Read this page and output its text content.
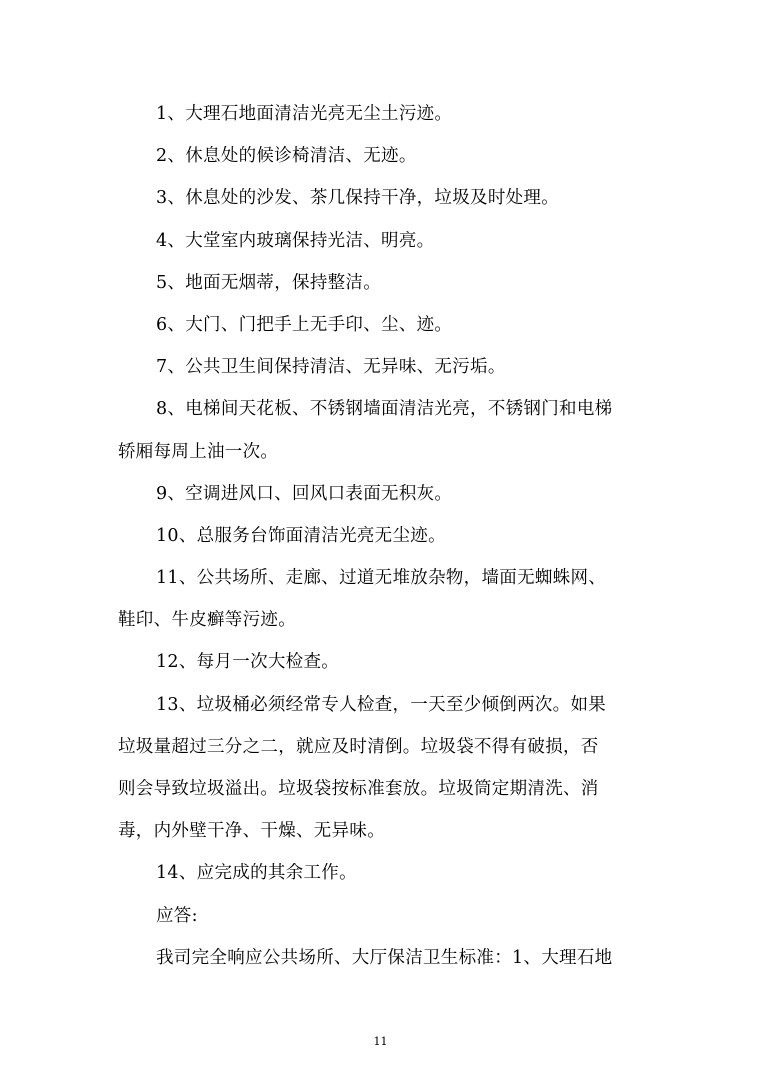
1、大理石地面清洁光亮无尘土污迹。
2、休息处的候诊椅清洁、无迹。
3、休息处的沙发、茶几保持干净，垃圾及时处理。
4、大堂室内玻璃保持光洁、明亮。
5、地面无烟蒂，保持整洁。
6、大门、门把手上无手印、尘、迹。
7、公共卫生间保持清洁、无异味、无污垢。
8、电梯间天花板、不锈钢墙面清洁光亮，不锈钢门和电梯
轿厢每周上油一次。
9、空调进风口、回风口表面无积灰。
10、总服务台饰面清洁光亮无尘迹。
11、公共场所、走廊、过道无堆放杂物，墙面无蜘蛛网、
鞋印、牛皮癣等污迹。
12、每月一次大检查。
13、垃圾桶必须经常专人检查，一天至少倾倒两次。如果
垃圾量超过三分之二，就应及时清倒。垃圾袋不得有破损，否
则会导致垃圾溢出。垃圾袋按标准套放。垃圾筒定期清洗、消
毒，内外壁干净、干燥、无异味。
14、应完成的其余工作。
应答:
我司完全响应公共场所、大厅保洁卫生标准：1、大理石地
11
